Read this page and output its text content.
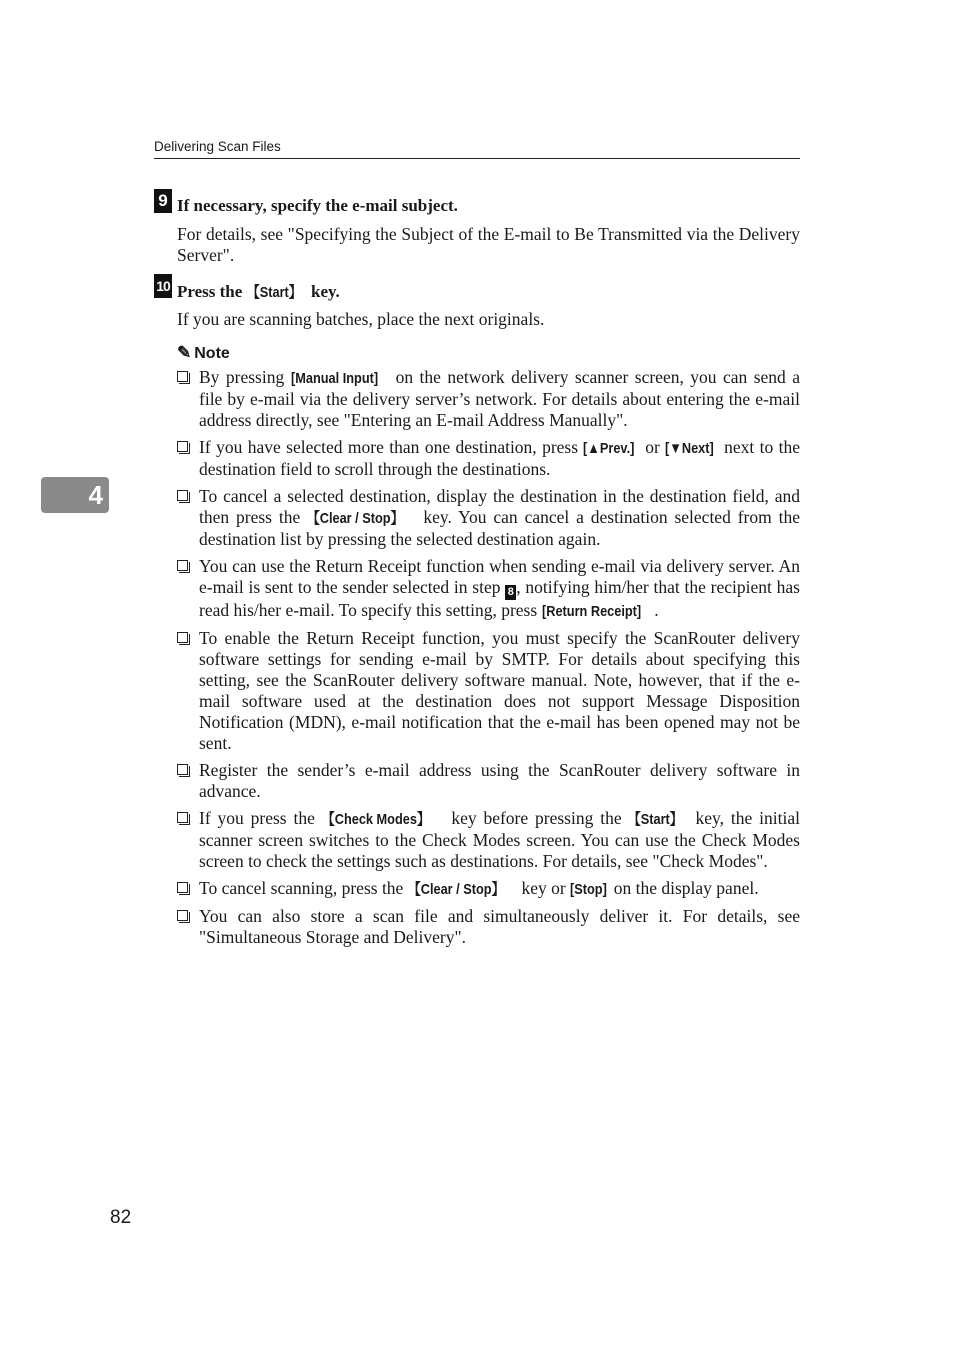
Delivering Scan Files
9 If necessary, specify the e-mail subject.
For details, see "Specifying the Subject of the E-mail to Be Transmitted via the Delivery Server".
10 Press the 【Start】 key.
If you are scanning batches, place the next originals.
✎ Note
By pressing [Manual Input] on the network delivery scanner screen, you can send a file by e-mail via the delivery server’s network. For details about entering the e-mail address directly, see "Entering an E-mail Address Manually".
If you have selected more than one destination, press [▲Prev.] or [▼Next] next to the destination field to scroll through the destinations.
To cancel a selected destination, display the destination in the destination field, and then press the 【Clear / Stop】 key. You can cancel a destination selected from the destination list by pressing the selected destination again.
You can use the Return Receipt function when sending e-mail via delivery server. An e-mail is sent to the sender selected in step 8 , notifying him/her that the recipient has read his/her e-mail. To specify this setting, press [Return Receipt] .
To enable the Return Receipt function, you must specify the ScanRouter delivery software settings for sending e-mail by SMTP. For details about specifying this setting, see the ScanRouter delivery software manual. Note, however, that if the e-mail software used at the destination does not support Message Disposition Notification (MDN), e-mail notification that the e-mail has been opened may not be sent.
Register the sender’s e-mail address using the ScanRouter delivery software in advance.
If you press the 【Check Modes】 key before pressing the 【Start】 key, the initial scanner screen switches to the Check Modes screen. You can use the Check Modes screen to check the settings such as destinations. For details, see "Check Modes".
To cancel scanning, press the 【Clear / Stop】 key or [Stop] on the display panel.
You can also store a scan file and simultaneously deliver it. For details, see "Simultaneous Storage and Delivery".
4
82
